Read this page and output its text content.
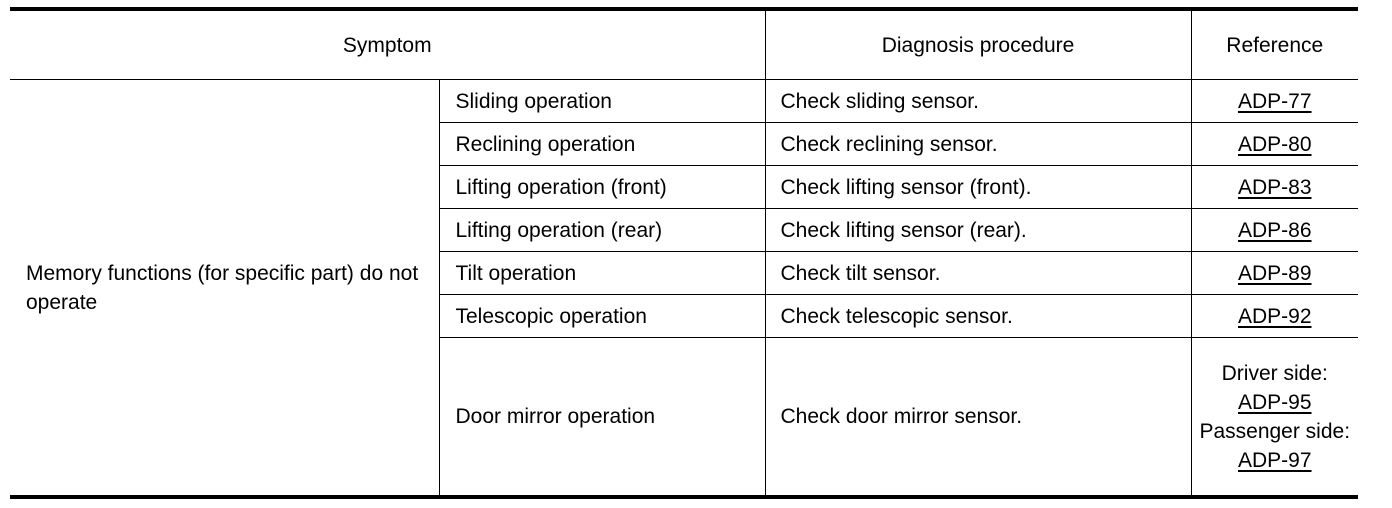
Symptom		Diagnosis procedure	Reference
Memory functions (for specific part) do not operate	Sliding operation	Check sliding sensor.	ADP-77
	Reclining operation	Check reclining sensor.	ADP-80
	Lifting operation (front)	Check lifting sensor (front).	ADP-83
	Lifting operation (rear)	Check lifting sensor (rear).	ADP-86
	Tilt operation	Check tilt sensor.	ADP-89
	Telescopic operation	Check telescopic sensor.	ADP-92
	Door mirror operation	Check door mirror sensor.	Driver side:
ADP-95
Passenger side:
ADP-97
